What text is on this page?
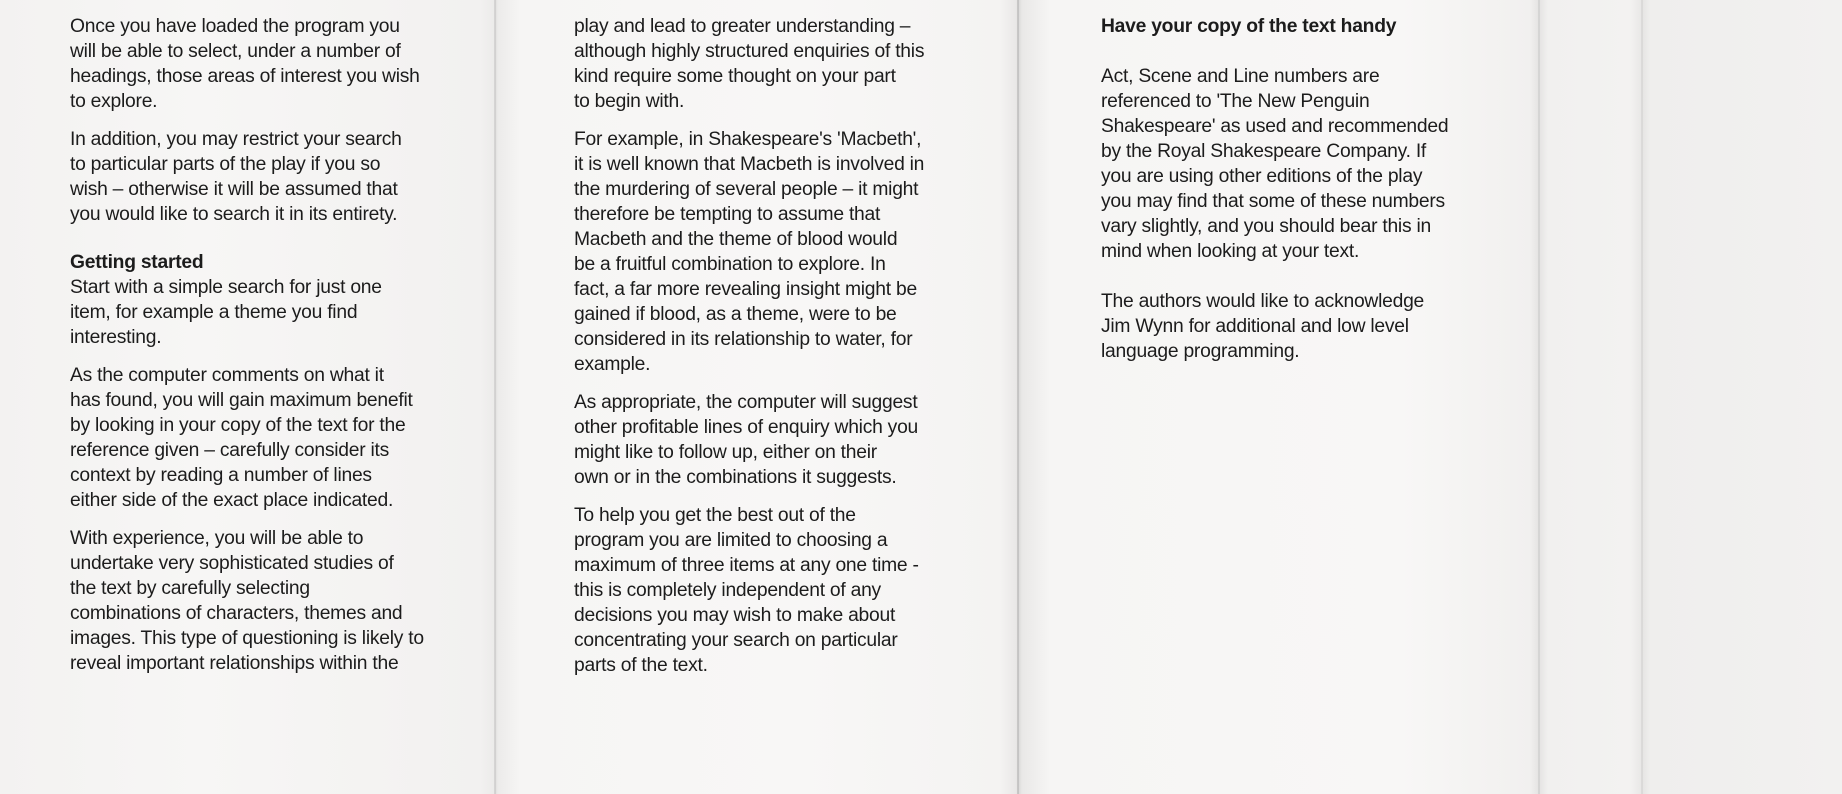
Once you have loaded the program you
will be able to select, under a number of
headings, those areas of interest you wish
to explore.

In addition, you may restrict your search
to particular parts of the play if you so
wish – otherwise it will be assumed that
you would like to search it in its entirety.

Getting started

Start with a simple search for just one
item, for example a theme you find
interesting.

As the computer comments on what it
has found, you will gain maximum benefit
by looking in your copy of the text for the
reference given – carefully consider its
context by reading a number of lines
either side of the exact place indicated.

With experience, you will be able to
undertake very sophisticated studies of
the text by carefully selecting
combinations of characters, themes and
images. This type of questioning is likely to
reveal important relationships within the

play and lead to greater understanding –
although highly structured enquiries of this
kind require some thought on your part
to begin with.

For example, in Shakespeare's 'Macbeth',
it is well known that Macbeth is involved in
the murdering of several people – it might
therefore be tempting to assume that
Macbeth and the theme of blood would
be a fruitful combination to explore. In
fact, a far more revealing insight might be
gained if blood, as a theme, were to be
considered in its relationship to water, for
example.

As appropriate, the computer will suggest
other profitable lines of enquiry which you
might like to follow up, either on their
own or in the combinations it suggests.

To help you get the best out of the
program you are limited to choosing a
maximum of three items at any one time -
this is completely independent of any
decisions you may wish to make about
concentrating your search on particular
parts of the text.

Have your copy of the text handy

Act, Scene and Line numbers are
referenced to 'The New Penguin
Shakespeare' as used and recommended
by the Royal Shakespeare Company. If
you are using other editions of the play
you may find that some of these numbers
vary slightly, and you should bear this in
mind when looking at your text.

The authors would like to acknowledge
Jim Wynn for additional and low level
language programming.
